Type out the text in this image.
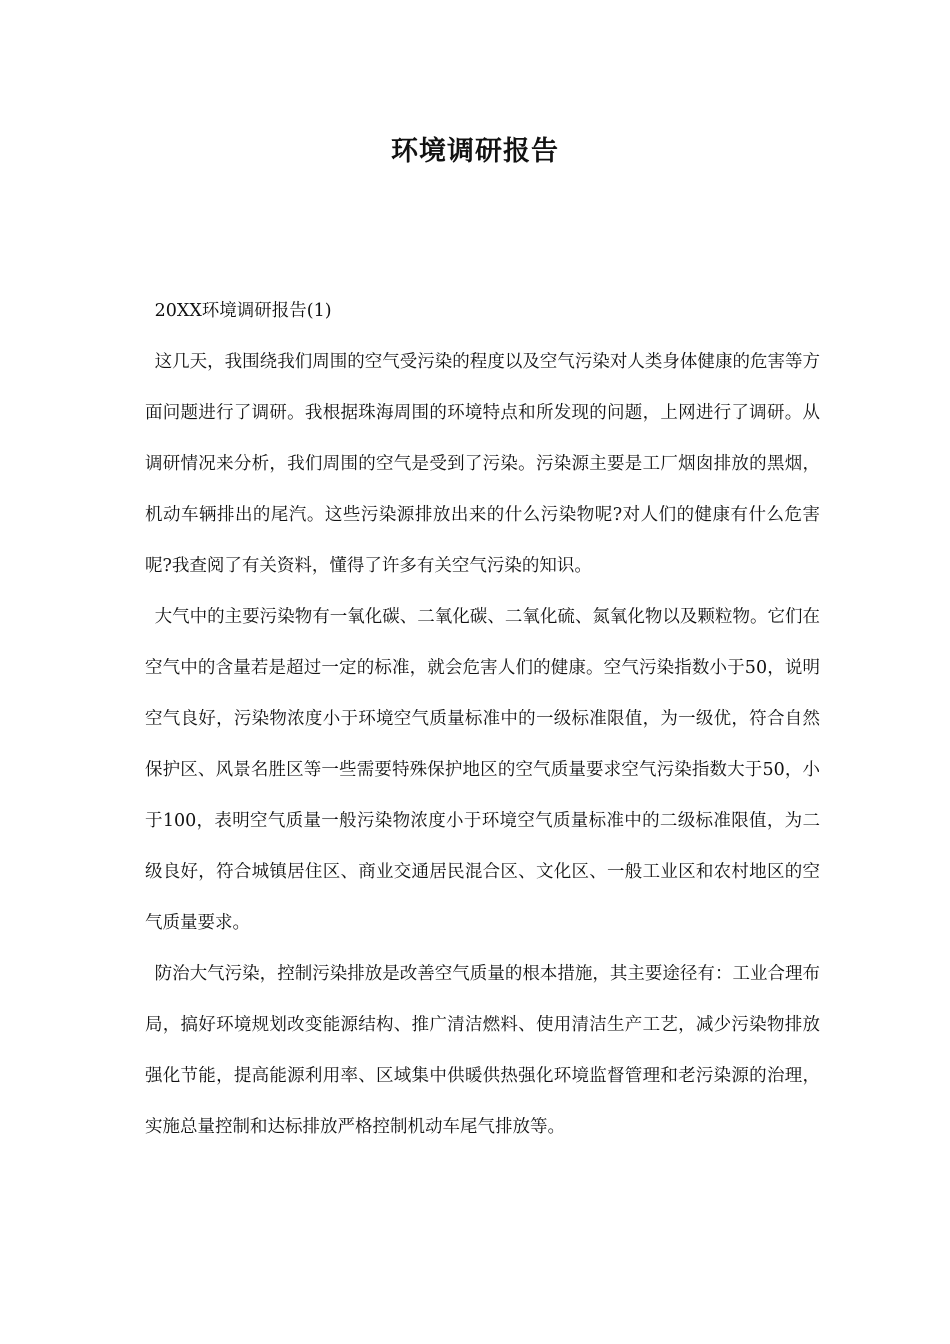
环境调研报告

20XX环境调研报告(1)

这几天，我围绕我们周围的空气受污染的程度以及空气污染对人类身体健康的危害等方面问题进行了调研。我根据珠海周围的环境特点和所发现的问题，上网进行了调研。从调研情况来分析，我们周围的空气是受到了污染。污染源主要是工厂烟囱排放的黑烟，机动车辆排出的尾汽。这些污染源排放出来的什么污染物呢?对人们的健康有什么危害呢?我查阅了有关资料，懂得了许多有关空气污染的知识。

大气中的主要污染物有一氧化碳、二氧化碳、二氧化硫、氮氧化物以及颗粒物。它们在空气中的含量若是超过一定的标准，就会危害人们的健康。空气污染指数小于50，说明空气良好，污染物浓度小于环境空气质量标准中的一级标准限值，为一级优，符合自然保护区、风景名胜区等一些需要特殊保护地区的空气质量要求空气污染指数大于50，小于100，表明空气质量一般污染物浓度小于环境空气质量标准中的二级标准限值，为二级良好，符合城镇居住区、商业交通居民混合区、文化区、一般工业区和农村地区的空气质量要求。

防治大气污染，控制污染排放是改善空气质量的根本措施，其主要途径有：工业合理布局，搞好环境规划改变能源结构、推广清洁燃料、使用清洁生产工艺，减少污染物排放强化节能，提高能源利用率、区域集中供暖供热强化环境监督管理和老污染源的治理，实施总量控制和达标排放严格控制机动车尾气排放等。
